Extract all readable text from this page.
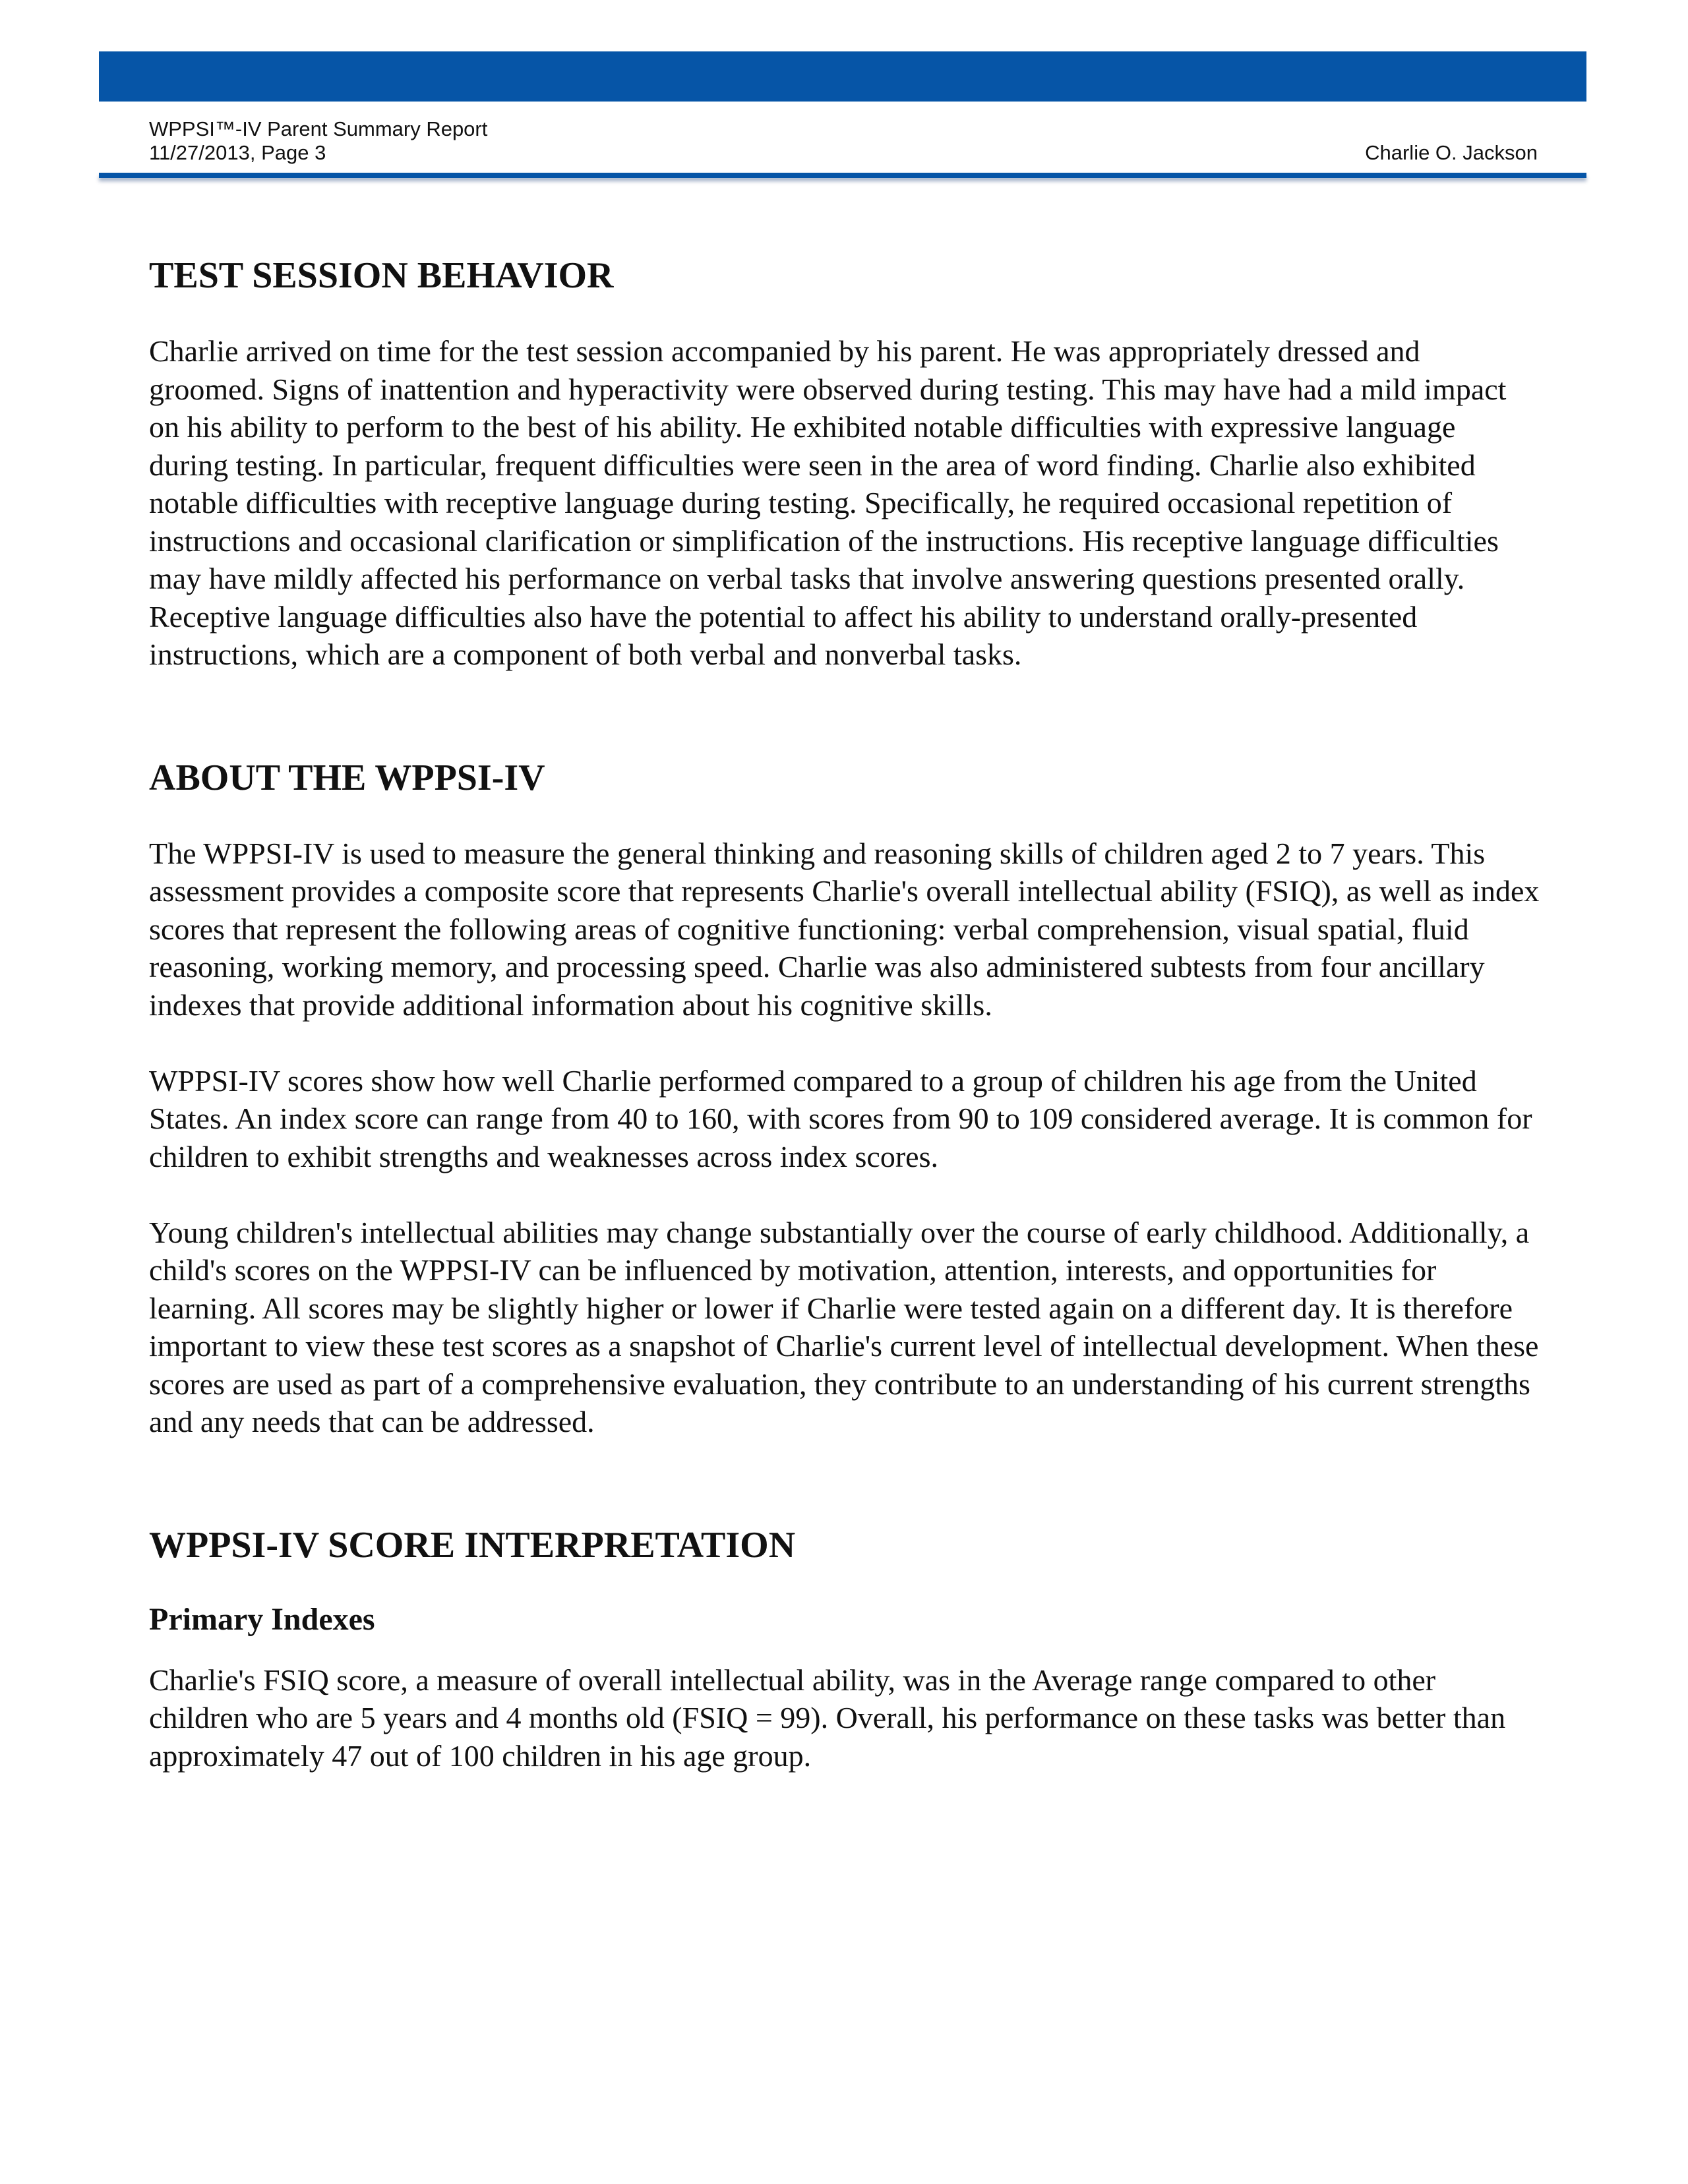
WPPSI™-IV Parent Summary Report
11/27/2013, Page 3	Charlie O. Jackson
TEST SESSION BEHAVIOR

Charlie arrived on time for the test session accompanied by his parent. He was appropriately dressed and groomed. Signs of inattention and hyperactivity were observed during testing. This may have had a mild impact on his ability to perform to the best of his ability. He exhibited notable difficulties with expressive language during testing. In particular, frequent difficulties were seen in the area of word finding. Charlie also exhibited notable difficulties with receptive language during testing. Specifically, he required occasional repetition of instructions and occasional clarification or simplification of the instructions. His receptive language difficulties may have mildly affected his performance on verbal tasks that involve answering questions presented orally. Receptive language difficulties also have the potential to affect his ability to understand orally-presented instructions, which are a component of both verbal and nonverbal tasks.

ABOUT THE WPPSI-IV

The WPPSI-IV is used to measure the general thinking and reasoning skills of children aged 2 to 7 years. This assessment provides a composite score that represents Charlie's overall intellectual ability (FSIQ), as well as index scores that represent the following areas of cognitive functioning: verbal comprehension, visual spatial, fluid reasoning, working memory, and processing speed. Charlie was also administered subtests from four ancillary indexes that provide additional information about his cognitive skills.

WPPSI-IV scores show how well Charlie performed compared to a group of children his age from the United States. An index score can range from 40 to 160, with scores from 90 to 109 considered average. It is common for children to exhibit strengths and weaknesses across index scores.

Young children's intellectual abilities may change substantially over the course of early childhood. Additionally, a child's scores on the WPPSI-IV can be influenced by motivation, attention, interests, and opportunities for learning. All scores may be slightly higher or lower if Charlie were tested again on a different day. It is therefore important to view these test scores as a snapshot of Charlie's current level of intellectual development. When these scores are used as part of a comprehensive evaluation, they contribute to an understanding of his current strengths and any needs that can be addressed.

WPPSI-IV SCORE INTERPRETATION
Primary Indexes

Charlie's FSIQ score, a measure of overall intellectual ability, was in the Average range compared to other children who are 5 years and 4 months old (FSIQ = 99). Overall, his performance on these tasks was better than approximately 47 out of 100 children in his age group.
